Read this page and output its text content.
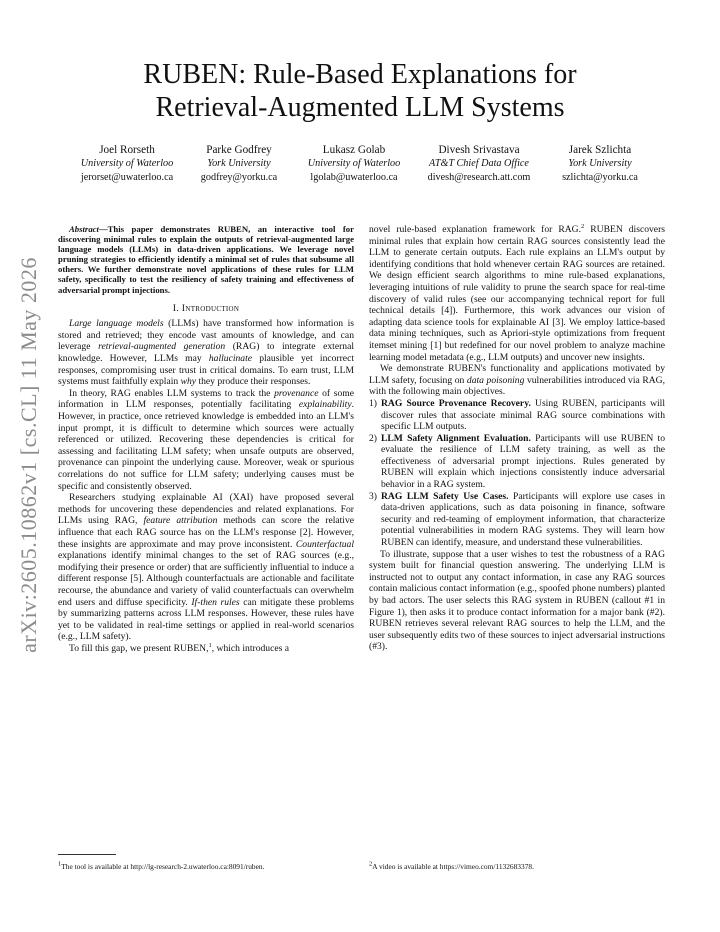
arXiv:2605.10862v1 [cs.CL] 11 May 2026
RUBEN: Rule-Based Explanations for
Retrieval-Augmented LLM Systems
Joel Rorseth
University of Waterloo
jerorset@uwaterloo.ca
Parke Godfrey
York University
godfrey@yorku.ca
Lukasz Golab
University of Waterloo
lgolab@uwaterloo.ca
Divesh Srivastava
AT&T Chief Data Office
divesh@research.att.com
Jarek Szlichta
York University
szlichta@yorku.ca

Abstract—This paper demonstrates RUBEN, an interactive tool for discovering minimal rules to explain the outputs of retrieval-augmented large language models (LLMs) in data-driven applications. We leverage novel pruning strategies to efficiently identify a minimal set of rules that subsume all others. We further demonstrate novel applications of these rules for LLM safety, specifically to test the resiliency of safety training and effectiveness of adversarial prompt injections.

I. Introduction

Large language models (LLMs) have transformed how information is stored and retrieved; they encode vast amounts of knowledge, and can leverage retrieval-augmented generation (RAG) to integrate external knowledge. However, LLMs may hallucinate plausible yet incorrect responses, compromising user trust in critical domains. To earn trust, LLM systems must faithfully explain why they produce their responses.

In theory, RAG enables LLM systems to track the provenance of some information in LLM responses, potentially facilitating explainability. However, in practice, once retrieved knowledge is embedded into an LLM's input prompt, it is difficult to determine which sources were actually referenced or utilized. Recovering these dependencies is critical for assessing and facilitating LLM safety; when unsafe outputs are observed, provenance can pinpoint the underlying cause. Moreover, weak or spurious correlations do not suffice for LLM safety; underlying causes must be specific and consistently observed.

Researchers studying explainable AI (XAI) have proposed several methods for uncovering these dependencies and related explanations. For LLMs using RAG, feature attribution methods can score the relative influence that each RAG source has on the LLM's response [2]. However, these insights are approximate and may prove inconsistent. Counterfactual explanations identify minimal changes to the set of RAG sources (e.g., modifying their presence or order) that are sufficiently influential to induce a different response [5]. Although counterfactuals are actionable and facilitate recourse, the abundance and variety of valid counterfactuals can overwhelm end users and diffuse specificity. If-then rules can mitigate these problems by summarizing patterns across LLM responses. However, these rules have yet to be validated in real-time settings or applied in real-world scenarios (e.g., LLM safety).

To fill this gap, we present RUBEN,$^1$, which introduces a

novel rule-based explanation framework for RAG.$^2$ RUBEN discovers minimal rules that explain how certain RAG sources consistently lead the LLM to generate certain outputs. Each rule explains an LLM's output by identifying conditions that hold whenever certain RAG sources are retained. We design efficient search algorithms to mine rule-based explanations, leveraging intuitions of rule validity to prune the search space for real-time discovery of valid rules (see our accompanying technical report for full technical details [4]). Furthermore, this work advances our vision of adapting data science tools for explainable AI [3]. We employ lattice-based data mining techniques, such as Apriori-style optimizations from frequent itemset mining [1] but redefined for our novel problem to analyze machine learning model metadata (e.g., LLM outputs) and uncover new insights.

We demonstrate RUBEN's functionality and applications motivated by LLM safety, focusing on data poisoning vulnerabilities introduced via RAG, with the following main objectives.

1) RAG Source Provenance Recovery. Using RUBEN, participants will discover rules that associate minimal RAG source combinations with specific LLM outputs.
2) LLM Safety Alignment Evaluation. Participants will use RUBEN to evaluate the resilience of LLM safety training, as well as the effectiveness of adversarial prompt injections. Rules generated by RUBEN will explain which injections consistently induce adversarial behavior in a RAG system.
3) RAG LLM Safety Use Cases. Participants will explore use cases in data-driven applications, such as data poisoning in finance, software security and red-teaming of employment information, that characterize potential vulnerabilities in modern RAG systems. They will learn how RUBEN can identify, measure, and understand these vulnerabilities.

To illustrate, suppose that a user wishes to test the robustness of a RAG system built for financial question answering. The underlying LLM is instructed not to output any contact information, in case any RAG sources contain malicious contact information (e.g., spoofed phone numbers) planted by bad actors. The user selects this RAG system in RUBEN (callout #1 in Figure 1), then asks it to produce contact information for a major bank (#2). RUBEN retrieves several relevant RAG sources to help the LLM, and the user subsequently edits two of these sources to inject adversarial instructions (#3).

1The tool is available at http://lg-research-2.uwaterloo.ca:8091/ruben.	2A video is available at https://vimeo.com/1132683378.
